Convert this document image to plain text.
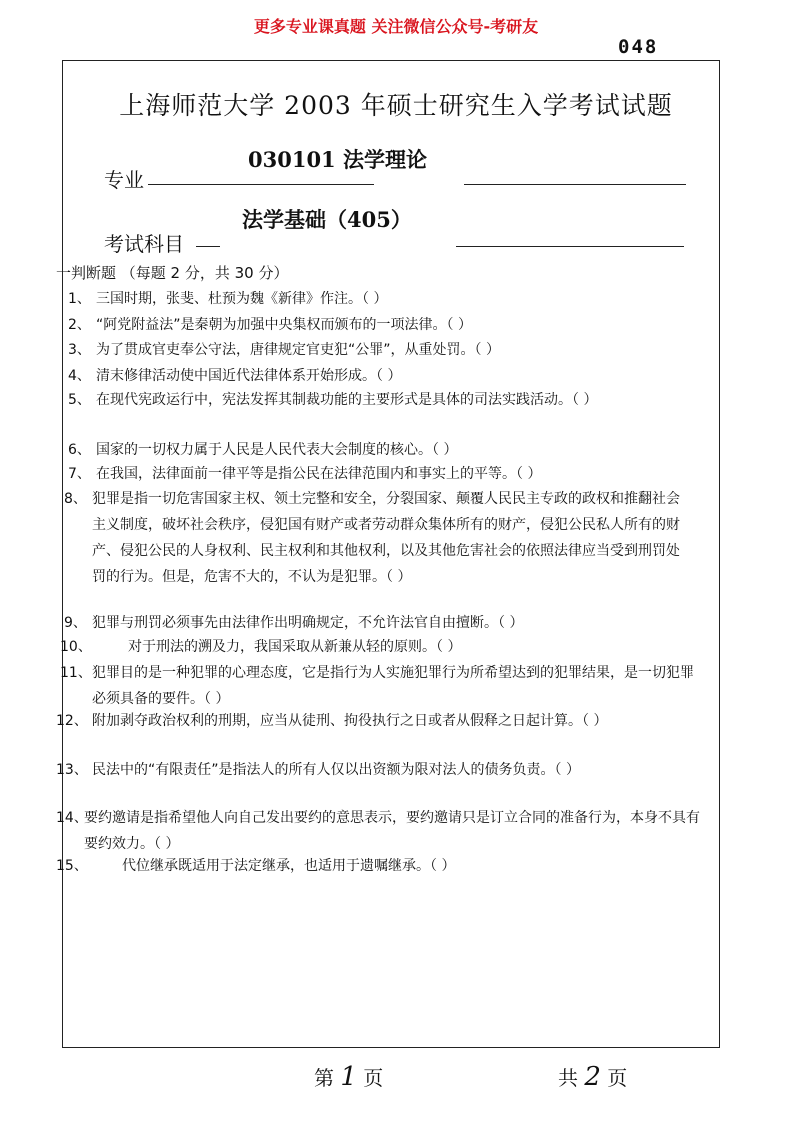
更多专业课真题 关注微信公众号-考研友
048
上海师范大学 2003 年硕士研究生入学考试试题
专业
030101 法学理论
考试科目
法学基础（405）
一判断题 （每题 2 分，共 30 分）
1、 三国时期，张斐、杜预为魏《新律》作注。（ ）
2、 “阿党附益法”是秦朝为加强中央集权而颁布的一项法律。（ ）
3、 为了贯成官吏奉公守法，唐律规定官吏犯“公罪”，从重处罚。（ ）
4、 清末修律活动使中国近代法律体系开始形成。（ ）
5、 在现代宪政运行中，宪法发挥其制裁功能的主要形式是具体的司法实践活动。（ ）
6、 国家的一切权力属于人民是人民代表大会制度的核心。（ ）
7、 在我国，法律面前一律平等是指公民在法律范围内和事实上的平等。（ ）
8、 犯罪是指一切危害国家主权、领土完整和安全，分裂国家、颠覆人民民主专政的政权和推翻社会主义制度，破坏社会秩序，侵犯国有财产或者劳动群众集体所有的财产，侵犯公民私人所有的财产、侵犯公民的人身权利、民主权利和其他权利，以及其他危害社会的依照法律应当受到刑罚处罚的行为。但是，危害不大的，不认为是犯罪。（ ）
9、 犯罪与刑罚必须事先由法律作出明确规定，不允许法官自由擅断。（ ）
10、	对于刑法的溯及力，我国采取从新兼从轻的原则。（ ）
11、 犯罪目的是一种犯罪的心理态度，它是指行为人实施犯罪行为所希望达到的犯罪结果，是一切犯罪必须具备的要件。（ ）
12、 附加剥夺政治权利的刑期，应当从徒刑、拘役执行之日或者从假释之日起计算。（ ）
13、 民法中的“有限责任”是指法人的所有人仅以出资额为限对法人的债务负责。（ ）
14、
要约邀请是指希望他人向自己发出要约的意思表示，要约邀请只是订立合同的准备行为，本身不具有要约效力。（ ）
15、	代位继承既适用于法定继承，也适用于遗嘱继承。（ ）
第 1 页	共 2 页
